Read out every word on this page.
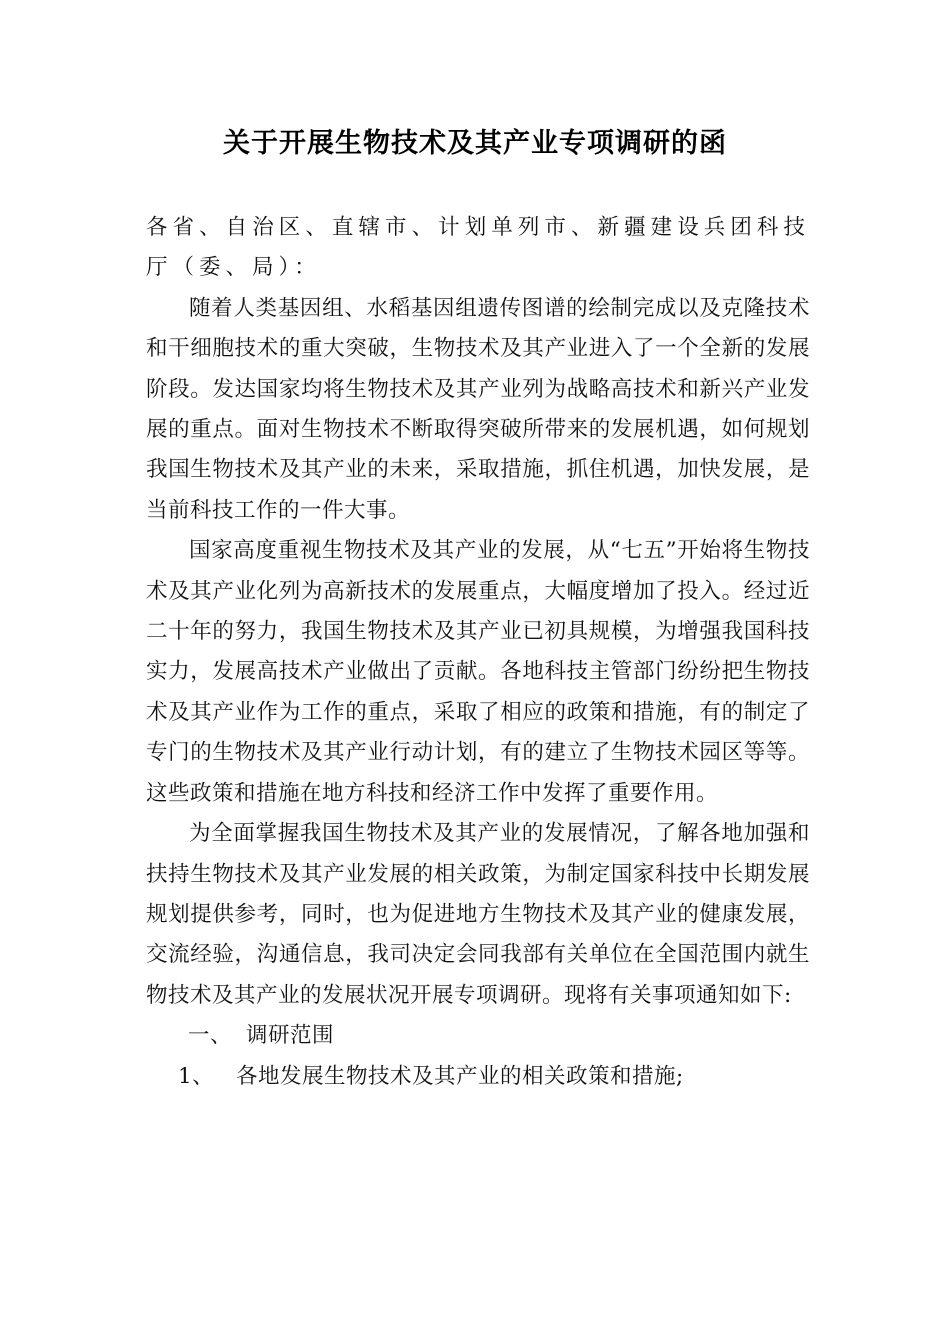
关于开展生物技术及其产业专项调研的函

各省、自治区、直辖市、计划单列市、新疆建设兵团科技厅（委、局）：

随着人类基因组、水稻基因组遗传图谱的绘制完成以及克隆技术和干细胞技术的重大突破，生物技术及其产业进入了一个全新的发展阶段。发达国家均将生物技术及其产业列为战略高技术和新兴产业发展的重点。面对生物技术不断取得突破所带来的发展机遇，如何规划我国生物技术及其产业的未来，采取措施，抓住机遇，加快发展，是当前科技工作的一件大事。

国家高度重视生物技术及其产业的发展，从“七五”开始将生物技术及其产业化列为高新技术的发展重点，大幅度增加了投入。经过近二十年的努力，我国生物技术及其产业已初具规模，为增强我国科技实力，发展高技术产业做出了贡献。各地科技主管部门纷纷把生物技术及其产业作为工作的重点，采取了相应的政策和措施，有的制定了专门的生物技术及其产业行动计划，有的建立了生物技术园区等等。这些政策和措施在地方科技和经济工作中发挥了重要作用。

为全面掌握我国生物技术及其产业的发展情况，了解各地加强和扶持生物技术及其产业发展的相关政策，为制定国家科技中长期发展规划提供参考，同时，也为促进地方生物技术及其产业的健康发展，交流经验，沟通信息，我司决定会同我部有关单位在全国范围内就生物技术及其产业的发展状况开展专项调研。现将有关事项通知如下:

一、 调研范围

1、 各地发展生物技术及其产业的相关政策和措施;
